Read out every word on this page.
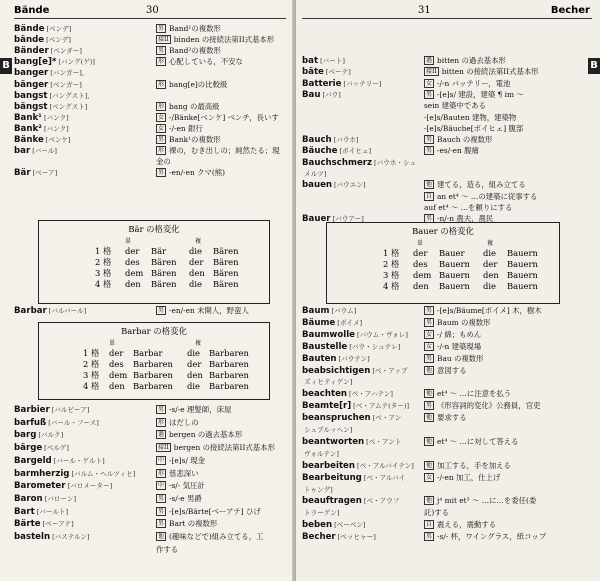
Bände	30
B
Bände [ベンデ]	男 Band¹の複数形
bände [ベンデ]	接II binden の接続法第II式基本形
Bänder [ベンダー]	男 Band²の複数形
bang[e]* [バング(ゲ)]	形 心配している，不安な
banger [バンガー],
bänger [ベンガー]	形 bang[e]の比較級
bangst [バングスト],
bängst [ベングスト]	形 bang の最高級
Bank¹ [バンク]	女 -/Bänke[ベンケ] ベンチ，長いす
Bank² [バンク]	女 -/-en 銀行
Bänke [ベンケ]	男 Bank¹の複数形
bar [バール]	形 裸の，むき出しの；純然たる；現
金の
Bär [ベーア]	男 -en/-en クマ(熊)
Barbar [バルバール]	男 -en/-en 未開人，野蛮人
Barbier [バルビーア]	男 -s/-e 理髪師，床屋
barfuß [バール・フース]	形 はだしの
barg [バルク]	過 bergen の過去基本形
bärge [ベルゲ]	接II bergen の接続法第II式基本形
Bargeld [バール・ゲルト]	中 -[e]s/ 現金
barmherzig [バルム・ヘルツィヒ]	形 慈悲深い
Barometer [バロメーター]	中 -s/- 気圧計
Baron [バローン]	男 -s/-e 男爵
Bart [バールト]	男 -[e]s/Bärte[ベーアテ] ひげ
Bärte [ベーアテ]	男 Bart の複数形
basteln [バステルン]	他 (趣味などで)組み立てる，工
作する
Bär の格変化
単	複
1 格 der Bär	die Bären
2 格 des Bären der Bären
3 格 dem Bären den Bären
4 格 den Bären die Bären
Barbar の格変化
単	複
1 格 der Barbar	die Barbaren
2 格 des Barbaren der Barbaren
3 格 dem Barbaren den Barbaren
4 格 den Barbaren die Barbaren
31	Becher
B
bat [バート]	過 bitten の過去基本形
bäte [ベーテ]	接II bitten の接続法第II式基本形
Batterie [バッテリー]	女 -/-n バッテリー，電池
Bau [バウ]	男 -[e]s/ 建設，建築 ¶ im ～
sein 建築中である
-[e]s/Bauten 建物，建築物
-[e]s/Bäuche[ボイヒェ] 腹部
Bauch [バウホ]	男 Bauch の複数形
Bäuche [ボイヒェ]	男 -es/-en 腹痛
Bauchschmerz [バウホ・シュ
メルツ]
bauen [バウエン]	他 建てる，造る，組み立てる
自 an et⁴ ～ …の建築に従事する
auf et⁴ ～ …を頼りにする
Bauer [バウアー]	男 -n/-n 農夫，農民
Baum [バウム]	男 -[e]s/Bäume[ボイメ] 木，樹木
Bäume [ボイメ]	男 Baum の複数形
Baumwolle [バウム・ヴォレ]	女 -/ 綿；もめん
Baustelle [バウ・シュテレ]	女 -/-n 建築現場
Bauten [バウテン]	男 Bau の複数形
beabsichtigen [べ・アップ	他 意図する
ズィヒティゲン]
beachten [べ・アハテン]	他 et⁴ ～ …に注意を払う
Beamte[r] [べ・アムテ(ター)]	男 《形容詞的変化》公務員，官吏
beanspruchen [べ・アン	他 要求する
シュプルッヘン]
beantworten [べ・アント	他 et⁴ ～ …に対して答える
ヴォルテン]
bearbeiten [べ・アルバイテン]	他 加工する，手を加える
Bearbeitung [べ・アルバイ	女 -/-en 加工，仕上げ
トゥング]
beauftragen [べ・アウフ	他 j⁴ mit et³ ～ …に…を委任(委
トラーゲン]	託)する
beben [ベーベン]	自 震える，震動する
Becher [ベッヒャー]	男 -s/- 杯，ワイングラス，紙コップ
Bauer の格変化
単	複
1 格 der Bauer die Bauern
2 格 des Bauern der Bauern
3 格 dem Bauern den Bauern
4 格 den Bauern die Bauern
